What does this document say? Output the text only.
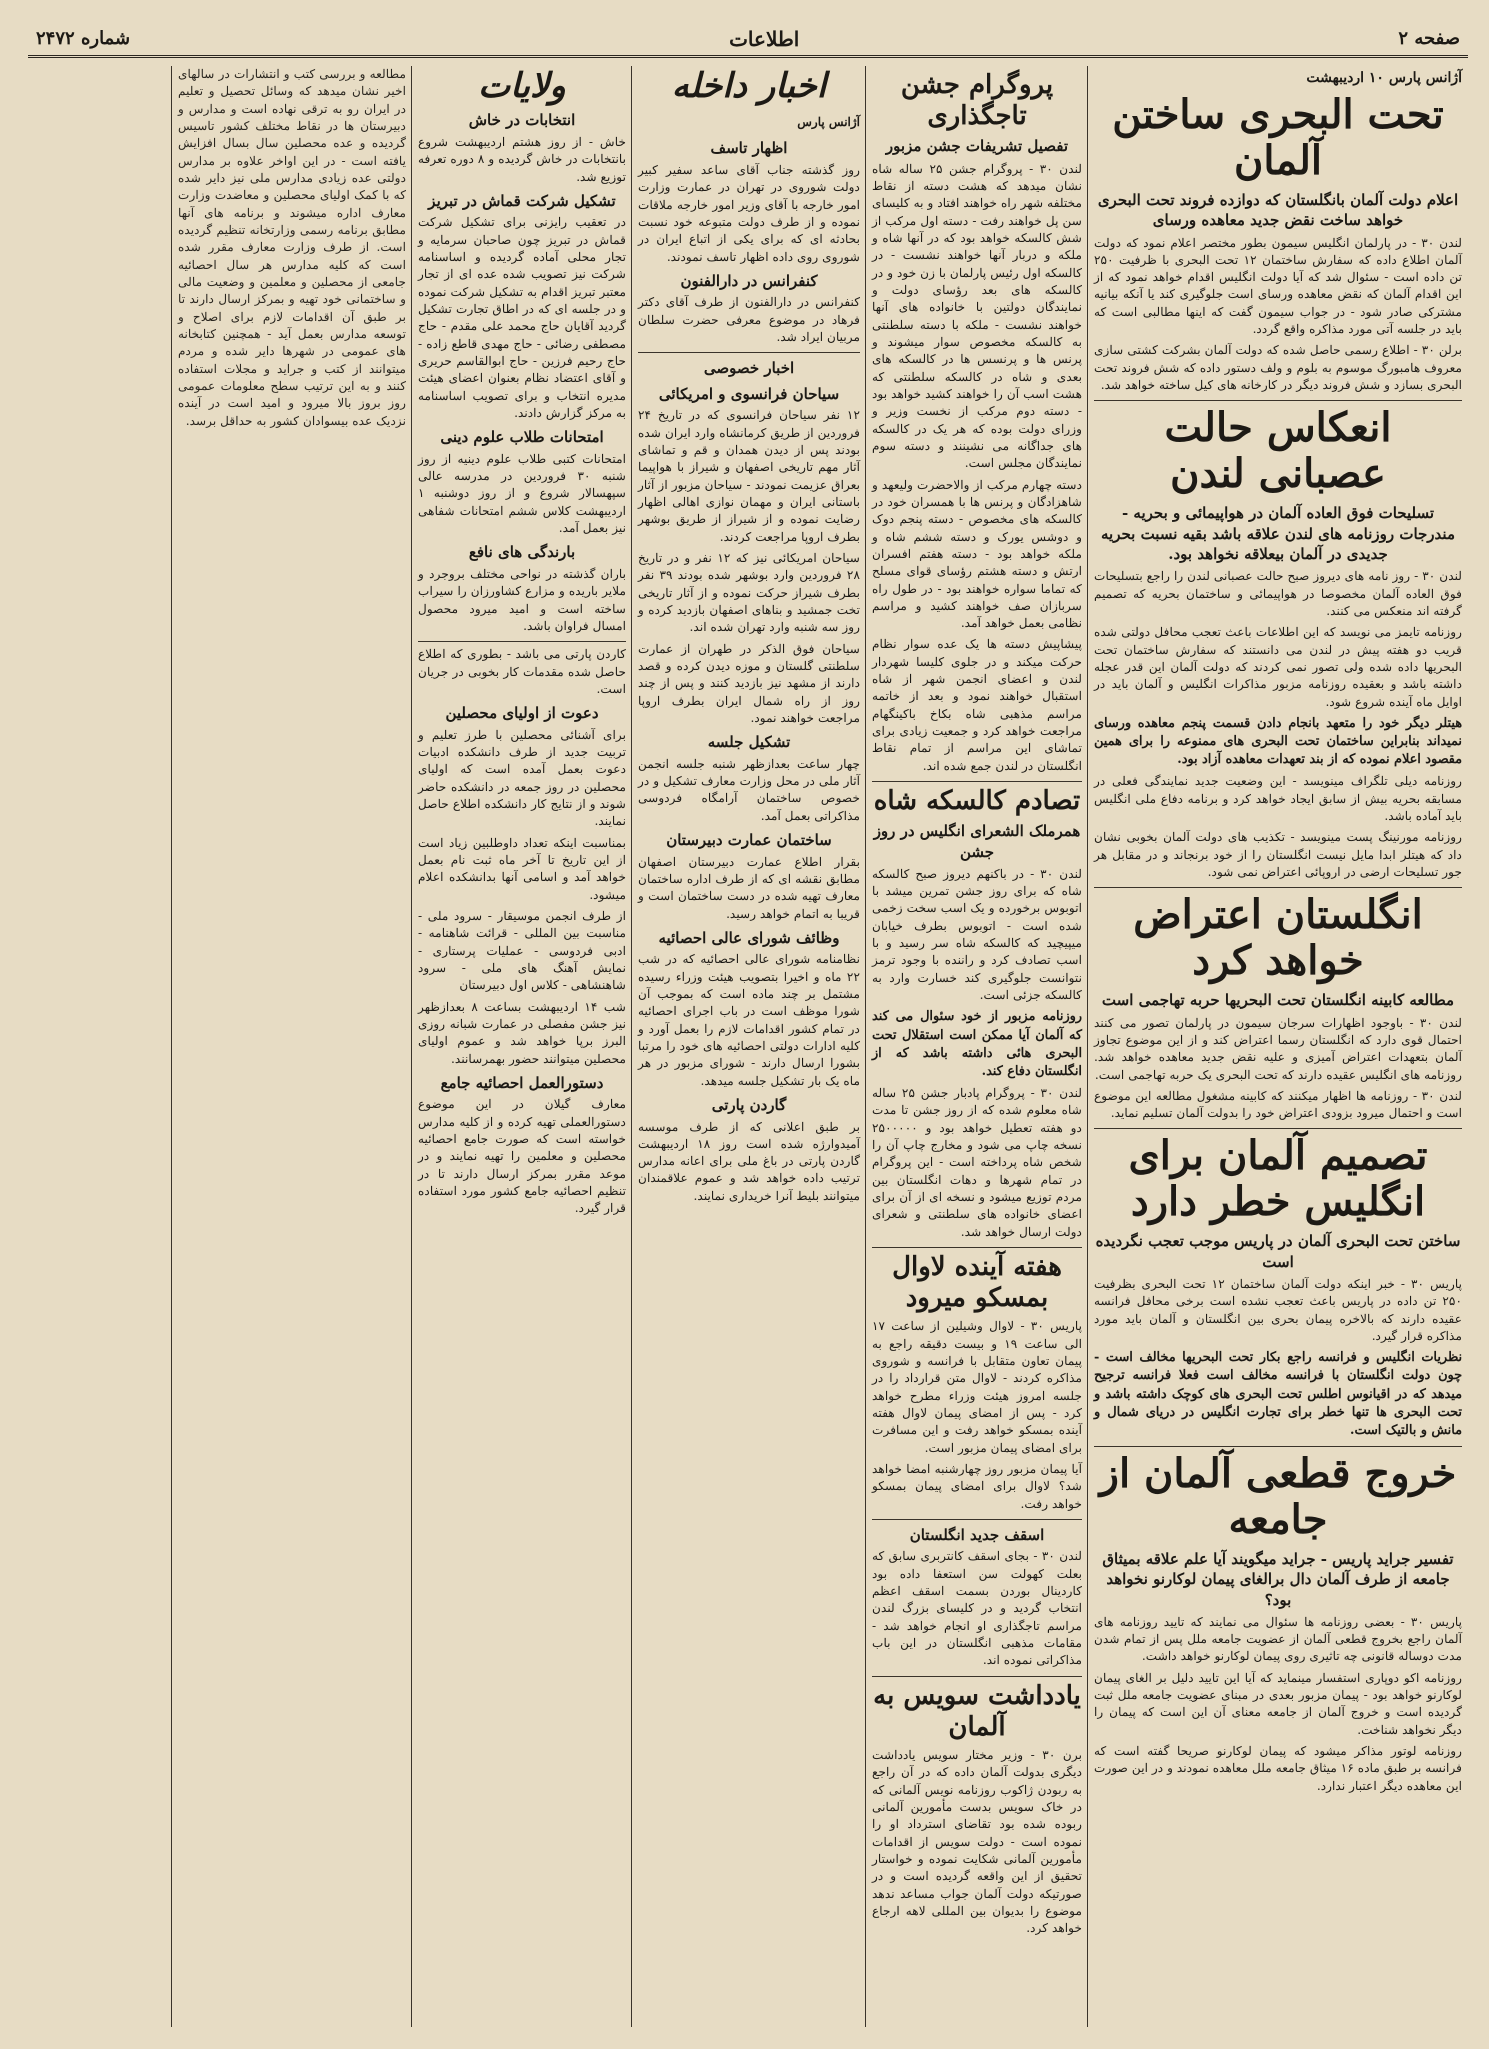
صفحه ۲
اطلاعات
شماره ۲۴۷۲
آژانس پارس ۱۰ اردیبهشت
تحت البحری ساختن آلمان
اعلام دولت آلمان بانگلستان که دوازده فروند تحت البحری خواهد ساخت نقض جدید معاهده ورسای

لندن ۳۰ - در پارلمان انگلیس سیمون بطور مختصر اعلام نمود که دولت آلمان اطلاع داده که سفارش ساختمان ۱۲ تحت البحری با ظرفیت ۲۵۰ تن داده است - سئوال شد که آیا دولت انگلیس اقدام خواهد نمود که از این اقدام آلمان که نقض معاهده ورسای است جلوگیری کند یا آنکه بیانیه مشترکی صادر شود - در جواب سیمون گفت که اینها مطالبی است که باید در جلسه آتی مورد مذاکره واقع گردد.

برلن ۳۰ - اطلاع رسمی حاصل شده که دولت آلمان بشرکت کشتی سازی معروف هامبورگ موسوم به بلوم و ولف دستور داده که شش فروند تحت البحری بسازد و شش فروند دیگر در کارخانه های کیل ساخته خواهد شد.

انعکاس حالت عصبانی لندن
تسلیحات فوق العاده آلمان در هواپیمائی و بحریه - مندرجات روزنامه های لندن علاقه باشد بقیه نسبت بحریه جدیدی در آلمان بیعلاقه نخواهد بود.

لندن ۳۰ - روز نامه های دیروز صبح حالت عصبانی لندن را راجع بتسلیحات فوق العاده آلمان مخصوصا در هواپیمائی و ساختمان بحریه که تصمیم گرفته اند منعکس می کنند.

روزنامه تایمز می نویسد که این اطلاعات باعث تعجب محافل دولتی شده قریب دو هفته پیش در لندن می دانستند که سفارش ساختمان تحت البحریها داده شده ولی تصور نمی کردند که دولت آلمان این قدر عجله داشته باشد و بعقیده روزنامه مزبور مذاکرات انگلیس و آلمان باید در اوایل ماه آینده شروع شود.

هیتلر دیگر خود را متعهد بانجام دادن قسمت پنجم معاهده ورسای نمیداند بنابراین ساختمان تحت البحری های ممنوعه را برای همین مقصود اعلام نموده که از بند تعهدات معاهده آزاد بود.

روزنامه دیلی تلگراف مینویسد - این وضعیت جدید نمایندگی فعلی در مسابقه بحریه بیش از سابق ایجاد خواهد کرد و برنامه دفاع ملی انگلیس باید آماده باشد.

روزنامه مورنینگ پست مینویسد - تکذیب های دولت آلمان بخوبی نشان داد که هیتلر ابدا مایل نیست انگلستان را از خود برنجاند و در مقابل هر جور تسلیحات ارضی در اروپائی اعتراض نمی شود.

انگلستان اعتراض خواهد کرد
مطالعه کابینه انگلستان تحت البحریها حربه تهاجمی است

لندن ۳۰ - باوجود اظهارات سرجان سیمون در پارلمان تصور می کنند احتمال قوی دارد که انگلستان رسما اعتراض کند و از این موضوع تجاوز آلمان بتعهدات اعتراض آمیزی و علیه نقض جدید معاهده خواهد شد. روزنامه های انگلیس عقیده دارند که تحت البحری یک حربه تهاجمی است.

لندن ۳۰ - روزنامه ها اظهار میکنند که کابینه مشغول مطالعه این موضوع است و احتمال میرود بزودی اعتراض خود را بدولت آلمان تسلیم نماید.

تصمیم آلمان برای انگلیس خطر دارد
ساختن تحت البحری آلمان در پاریس موجب تعجب نگردیده است

پاریس ۳۰ - خبر اینکه دولت آلمان ساختمان ۱۲ تحت البحری بظرفیت ۲۵۰ تن داده در پاریس باعث تعجب نشده است برخی محافل فرانسه عقیده دارند که بالاخره پیمان بحری بین انگلستان و آلمان باید مورد مذاکره قرار گیرد.

نظریات انگلیس و فرانسه راجع بکار تحت البحریها مخالف است - چون دولت انگلستان با فرانسه مخالف است فعلا فرانسه ترجیح میدهد که در اقیانوس اطلس تحت البحری های کوچک داشته باشد و تحت البحری ها تنها خطر برای تجارت انگلیس در دریای شمال و مانش و بالتیک است.

خروج قطعی آلمان از جامعه
تفسیر جراید پاریس - جراید میگویند آیا علم علاقه بمیثاق جامعه از طرف آلمان دال برالغای پیمان لوکارنو نخواهد بود؟

پاریس ۳۰ - بعضی روزنامه ها سئوال می نمایند که تایید روزنامه های آلمان راجع بخروج قطعی آلمان از عضویت جامعه ملل پس از تمام شدن مدت دوساله قانونی چه تاثیری روی پیمان لوکارنو خواهد داشت.

روزنامه اکو دوپاری استفسار مینماید که آیا این تایید دلیل بر الغای پیمان لوکارنو خواهد بود - پیمان مزبور بعدی در مبنای عضویت جامعه ملل ثبت گردیده است و خروج آلمان از جامعه معنای آن این است که پیمان را دیگر نخواهد شناخت.

روزنامه لوتور مذاکر میشود که پیمان لوکارنو صریحا گفته است که فرانسه بر طبق ماده ۱۶ میثاق جامعه ملل معاهده نمودند و در این صورت این معاهده دیگر اعتبار ندارد.

پروگرام جشن تاجگذاری
تفصیل تشریفات جشن مزبور

لندن ۳۰ - پروگرام جشن ۲۵ ساله شاه نشان میدهد که هشت دسته از نقاط مختلفه شهر راه خواهند افتاد و به کلیسای سن پل خواهند رفت - دسته اول مرکب از شش کالسکه خواهد بود که در آنها شاه و ملکه و دربار آنها خواهند نشست - در کالسکه اول رئیس پارلمان با زن خود و در کالسکه های بعد رؤسای دولت و نمایندگان دولتین با خانواده های آنها خواهند نشست - ملکه با دسته سلطنتی به کالسکه مخصوص سوار میشوند و پرنس ها و پرنسس ها در کالسکه های بعدی و شاه در کالسکه سلطنتی که هشت اسب آن را خواهند کشید خواهد بود - دسته دوم مرکب از نخست وزیر و وزرای دولت بوده که هر یک در کالسکه های جداگانه می نشینند و دسته سوم نمایندگان مجلس است.

دسته چهارم مرکب از والاحضرت ولیعهد و شاهزادگان و پرنس ها با همسران خود در کالسکه های مخصوص - دسته پنجم دوک و دوشس یورک و دسته ششم شاه و ملکه خواهد بود - دسته هفتم افسران ارتش و دسته هشتم رؤسای قوای مسلح که تماما سواره خواهند بود - در طول راه سربازان صف خواهند کشید و مراسم نظامی بعمل خواهد آمد.

پیشاپیش دسته ها یک عده سوار نظام حرکت میکند و در جلوی کلیسا شهردار لندن و اعضای انجمن شهر از شاه استقبال خواهند نمود و بعد از خاتمه مراسم مذهبی شاه بکاخ باکینگهام مراجعت خواهد کرد و جمعیت زیادی برای تماشای این مراسم از تمام نقاط انگلستان در لندن جمع شده اند.

تصادم کالسکه شاه
همرملک الشعرای انگلیس در روز جشن

لندن ۳۰ - در باکنهم دیروز صبح کالسکه شاه که برای روز جشن تمرین میشد با اتوبوس برخورده و یک اسب سخت زخمی شده است - اتوبوس بطرف خیابان میپیچید که کالسکه شاه سر رسید و با اسب تصادف کرد و راننده با وجود ترمز نتوانست جلوگیری کند خسارت وارد به کالسکه جزئی است.

روزنامه مزبور از خود سئوال می کند که آلمان آیا ممکن است استقلال تحت البحری هائی داشته باشد که از انگلستان دفاع کند.

لندن ۳۰ - پروگرام پادبار جشن ۲۵ ساله شاه معلوم شده که از روز جشن تا مدت دو هفته تعطیل خواهد بود و ۲۵۰۰۰۰۰ نسخه چاپ می شود و مخارج چاپ آن را شخص شاه پرداخته است - این پروگرام در تمام شهرها و دهات انگلستان بین مردم توزیع میشود و نسخه ای از آن برای اعضای خانواده های سلطنتی و شعرای دولت ارسال خواهد شد.

هفته آینده لاوال بمسکو میرود

پاریس ۳۰ - لاوال وشیلین از ساعت ۱۷ الی ساعت ۱۹ و بیست دقیقه راجع به پیمان تعاون متقابل با فرانسه و شوروی مذاکره کردند - لاوال متن قرارداد را در جلسه امروز هیئت وزراء مطرح خواهد کرد - پس از امضای پیمان لاوال هفته آینده بمسکو خواهد رفت و این مسافرت برای امضای پیمان مزبور است.

آیا پیمان مزبور روز چهارشنبه امضا خواهد شد؟ لاوال برای امضای پیمان بمسکو خواهد رفت.

اسقف جدید انگلستان

لندن ۳۰ - بجای اسقف کانتربری سابق که بعلت کهولت سن استعفا داده بود کاردینال بوردن بسمت اسقف اعظم انتخاب گردید و در کلیسای بزرگ لندن مراسم تاجگذاری او انجام خواهد شد - مقامات مذهبی انگلستان در این باب مذاکراتی نموده اند.

یادداشت سویس به آلمان

برن ۳۰ - وزیر مختار سویس یادداشت دیگری بدولت آلمان داده که در آن راجع به ربودن ژاکوب روزنامه نویس آلمانی که در خاک سویس بدست مأمورین آلمانی ربوده شده بود تقاضای استرداد او را نموده است - دولت سویس از اقدامات مأمورین آلمانی شکایت نموده و خواستار تحقیق از این واقعه گردیده است و در صورتیکه دولت آلمان جواب مساعد ندهد موضوع را بدیوان بین المللی لاهه ارجاع خواهد کرد.

اخبار داخله
آژانس پارس
اظهار تاسف

روز گذشته جناب آقای ساعد سفیر کبیر دولت شوروی در تهران در عمارت وزارت امور خارجه با آقای وزیر امور خارجه ملاقات نموده و از طرف دولت متبوعه خود نسبت بحادثه ای که برای یکی از اتباع ایران در شوروی روی داده اظهار تاسف نمودند.

کنفرانس در دارالفنون

کنفرانس در دارالفنون از طرف آقای دکتر فرهاد در موضوع معرفی حضرت سلطان مربیان ایراد شد.

اخبار خصوصی
سیاحان فرانسوی و امریکائی

۱۲ نفر سیاحان فرانسوی که در تاریخ ۲۴ فروردین از طریق کرمانشاه وارد ایران شده بودند پس از دیدن همدان و قم و تماشای آثار مهم تاریخی اصفهان و شیراز با هواپیما بعراق عزیمت نمودند - سیاحان مزبور از آثار باستانی ایران و مهمان نوازی اهالی اظهار رضایت نموده و از شیراز از طریق بوشهر بطرف اروپا مراجعت کردند.

سیاحان امریکائی نیز که ۱۲ نفر و در تاریخ ۲۸ فروردین وارد بوشهر شده بودند ۳۹ نفر بطرف شیراز حرکت نموده و از آثار تاریخی تخت جمشید و بناهای اصفهان بازدید کرده و روز سه شنبه وارد تهران شده اند.

سیاحان فوق الذکر در طهران از عمارت سلطنتی گلستان و موزه دیدن کرده و قصد دارند از مشهد نیز بازدید کنند و پس از چند روز از راه شمال ایران بطرف اروپا مراجعت خواهند نمود.

تشکیل جلسه

چهار ساعت بعدازظهر شنبه جلسه انجمن آثار ملی در محل وزارت معارف تشکیل و در خصوص ساختمان آرامگاه فردوسی مذاکراتی بعمل آمد.

ساختمان عمارت دبیرستان

بقرار اطلاع عمارت دبیرستان اصفهان مطابق نقشه ای که از طرف اداره ساختمان معارف تهیه شده در دست ساختمان است و قریبا به اتمام خواهد رسید.

وظائف شورای عالی احصائیه

نظامنامه شورای عالی احصائیه که در شب ۲۲ ماه و اخیرا بتصویب هیئت وزراء رسیده مشتمل بر چند ماده است که بموجب آن شورا موظف است در باب اجرای احصائیه در تمام کشور اقدامات لازم را بعمل آورد و کلیه ادارات دولتی احصائیه های خود را مرتبا بشورا ارسال دارند - شورای مزبور در هر ماه یک بار تشکیل جلسه میدهد.

گاردن پارتی

بر طبق اعلانی که از طرف موسسه آمیدوارژه شده است روز ۱۸ اردیبهشت گاردن پارتی در باغ ملی برای اعانه مدارس ترتیب داده خواهد شد و عموم علاقمندان میتوانند بلیط آنرا خریداری نمایند.

ولایات
انتخابات در خاش

خاش - از روز هشتم اردیبهشت شروع بانتخابات در خاش گردیده و ۸ دوره تعرفه توزیع شد.

تشکیل شرکت قماش در تبریز

در تعقیب رایزنی برای تشکیل شرکت قماش در تبریز چون صاحبان سرمایه و تجار محلی آماده گردیده و اساسنامه شرکت نیز تصویب شده عده ای از تجار معتبر تبریز اقدام به تشکیل شرکت نموده و در جلسه ای که در اطاق تجارت تشکیل گردید آقایان حاج محمد علی مقدم - حاج مصطفی رضائی - حاج مهدی قاطع زاده - حاج رحیم فرزین - حاج ابوالقاسم حریری و آقای اعتضاد نظام بعنوان اعضای هیئت مدیره انتخاب و برای تصویب اساسنامه به مرکز گزارش دادند.

امتحانات طلاب علوم دینی

امتحانات کتبی طلاب علوم دینیه از روز شنبه ۳۰ فروردین در مدرسه عالی سپهسالار شروع و از روز دوشنبه ۱ اردیبهشت کلاس ششم امتحانات شفاهی نیز بعمل آمد.

بارندگی های نافع

باران گذشته در نواحی مختلف بروجرد و ملایر باریده و مزارع کشاورزان را سیراب ساخته است و امید میرود محصول امسال فراوان باشد.

کاردن پارتی می باشد - بطوری که اطلاع حاصل شده مقدمات کار بخوبی در جریان است.

دعوت از اولیای محصلین

برای آشنائی محصلین با طرز تعلیم و تربیت جدید از طرف دانشکده ادبیات دعوت بعمل آمده است که اولیای محصلین در روز جمعه در دانشکده حاضر شوند و از نتایج کار دانشکده اطلاع حاصل نمایند.

بمناسبت اینکه تعداد داوطلبین زیاد است از این تاریخ تا آخر ماه ثبت نام بعمل خواهد آمد و اسامی آنها بدانشکده اعلام میشود.

از طرف انجمن موسیقار - سرود ملی - مناسبت بین المللی - قرائت شاهنامه - ادبی فردوسی - عملیات پرستاری - نمایش آهنگ های ملی - سرود شاهنشاهی - کلاس اول دبیرستان

شب ۱۴ اردیبهشت بساعت ۸ بعدازظهر نیز جشن مفصلی در عمارت شبانه روزی البرز برپا خواهد شد و عموم اولیای محصلین میتوانند حضور بهمرسانند.

دستورالعمل احصائیه جامع

معارف گیلان در این موضوع دستورالعملی تهیه کرده و از کلیه مدارس خواسته است که صورت جامع احصائیه محصلین و معلمین را تهیه نمایند و در موعد مقرر بمرکز ارسال دارند تا در تنظیم احصائیه جامع کشور مورد استفاده قرار گیرد.

مطالعه و بررسی کتب و انتشارات در سالهای اخیر نشان میدهد که وسائل تحصیل و تعلیم در ایران رو به ترقی نهاده است و مدارس و دبیرستان ها در نقاط مختلف کشور تاسیس گردیده و عده محصلین سال بسال افزایش یافته است - در این اواخر علاوه بر مدارس دولتی عده زیادی مدارس ملی نیز دایر شده که با کمک اولیای محصلین و معاضدت وزارت معارف اداره میشوند و برنامه های آنها مطابق برنامه رسمی وزارتخانه تنظیم گردیده است. از طرف وزارت معارف مقرر شده است که کلیه مدارس هر سال احصائیه جامعی از محصلین و معلمین و وضعیت مالی و ساختمانی خود تهیه و بمرکز ارسال دارند تا بر طبق آن اقدامات لازم برای اصلاح و توسعه مدارس بعمل آید - همچنین کتابخانه های عمومی در شهرها دایر شده و مردم میتوانند از کتب و جراید و مجلات استفاده کنند و به این ترتیب سطح معلومات عمومی روز بروز بالا میرود و امید است در آینده نزدیک عده بیسوادان کشور به حداقل برسد.
